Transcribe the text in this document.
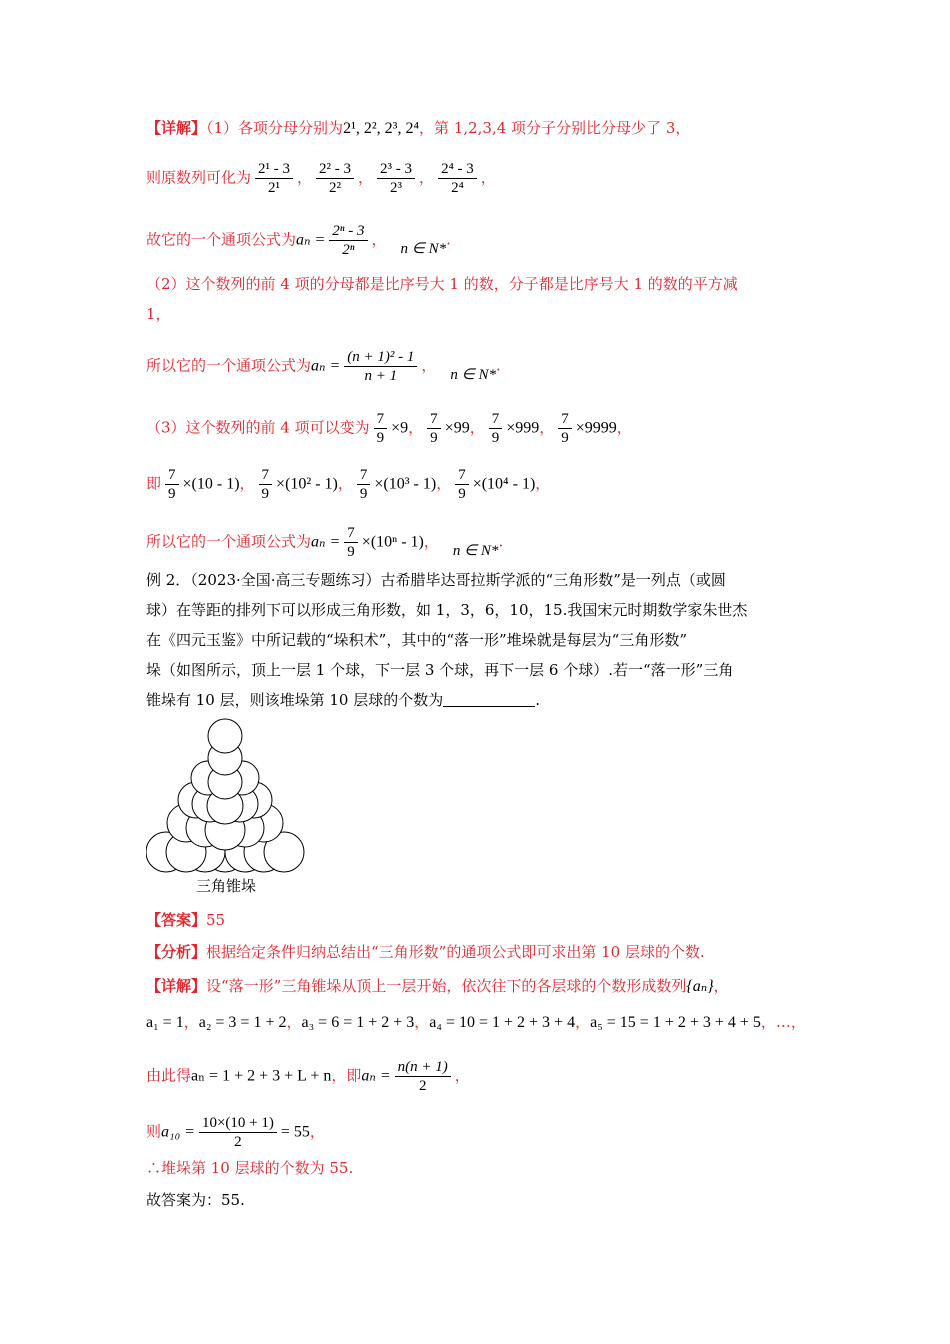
【详解】（1）各项分母分别为2¹, 2², 2³, 2⁴，第 1,2,3,4 项分子分别比分母少了 3，
则原数列可化为 $\frac{\text{2¹ - 3}}{\text{2¹}}$ ， $\frac{\text{2² - 3}}{\text{2²}}$ ， $\frac{\text{2³ - 3}}{\text{2³}}$ ， $\frac{\text{2⁴ - 3}}{\text{2⁴}}$ ，
故它的一个通项公式为$a_n = \frac{\text{2ⁿ - 3}}{\text{2ⁿ}}$ ， n ∈ N*.
（2）这个数列的前 4 项的分母都是比序号大 1 的数，分子都是比序号大 1 的数的平方减
1，
所以它的一个通项公式为$a_n = \frac{\text{(n + 1)² - 1}}{n + 1}$ ， n ∈ N*.
（3）这个数列的前 4 项可以变为 $\frac{7}{9} \times 9$， $\frac{7}{9} \times 99$， $\frac{7}{9} \times 999$， $\frac{7}{9} \times 9999$，
即 $\frac{7}{9} \times(10 - 1)$， $\frac{7}{9} \times(10^2 - 1)$， $\frac{7}{9} \times(10^3 - 1)$， $\frac{7}{9} \times(10^4 - 1)$，
所以它的一个通项公式为$a_n = \frac{7}{9} \times(10^n - 1)$， n ∈ N*.
例 2．（2023·全国·高三专题练习）古希腊毕达哥拉斯学派的“三角形数”是一列点（或圆
球）在等距的排列下可以形成三角形数，如 1，3，6，10，15.我国宋元时期数学家朱世杰
在《四元玉鉴》中所记载的“垛积术”，其中的“落一形”堆垛就是每层为“三角形数”
垛（如图所示，顶上一层 1 个球，下一层 3 个球，再下一层 6 个球）.若一“落一形”三角
锥垛有 10 层，则该堆垛第 10 层球的个数为	.
三角锥垛
【答案】55
【分析】根据给定条件归纳总结出“三角形数”的通项公式即可求出第 10 层球的个数.
【详解】设“落一形”三角锥垛从顶上一层开始，依次往下的各层球的个数形成数列{aₙ}，
a₁ = 1，a₂ = 3 = 1 + 2，a₃ = 6 = 1 + 2 + 3，a₄ = 10 = 1 + 2 + 3 + 4，a₅ = 15 = 1 + 2 + 3 + 4 + 5，…，
由此得aₙ = 1 + 2 + 3 + L + n，即$a_n = \frac{n(n + 1)}{2}$ ，
则$a_{10} = \frac{10\times(10 + 1)}{2} = 55$，
∴堆垛第 10 层球的个数为 55.
故答案为：55.
